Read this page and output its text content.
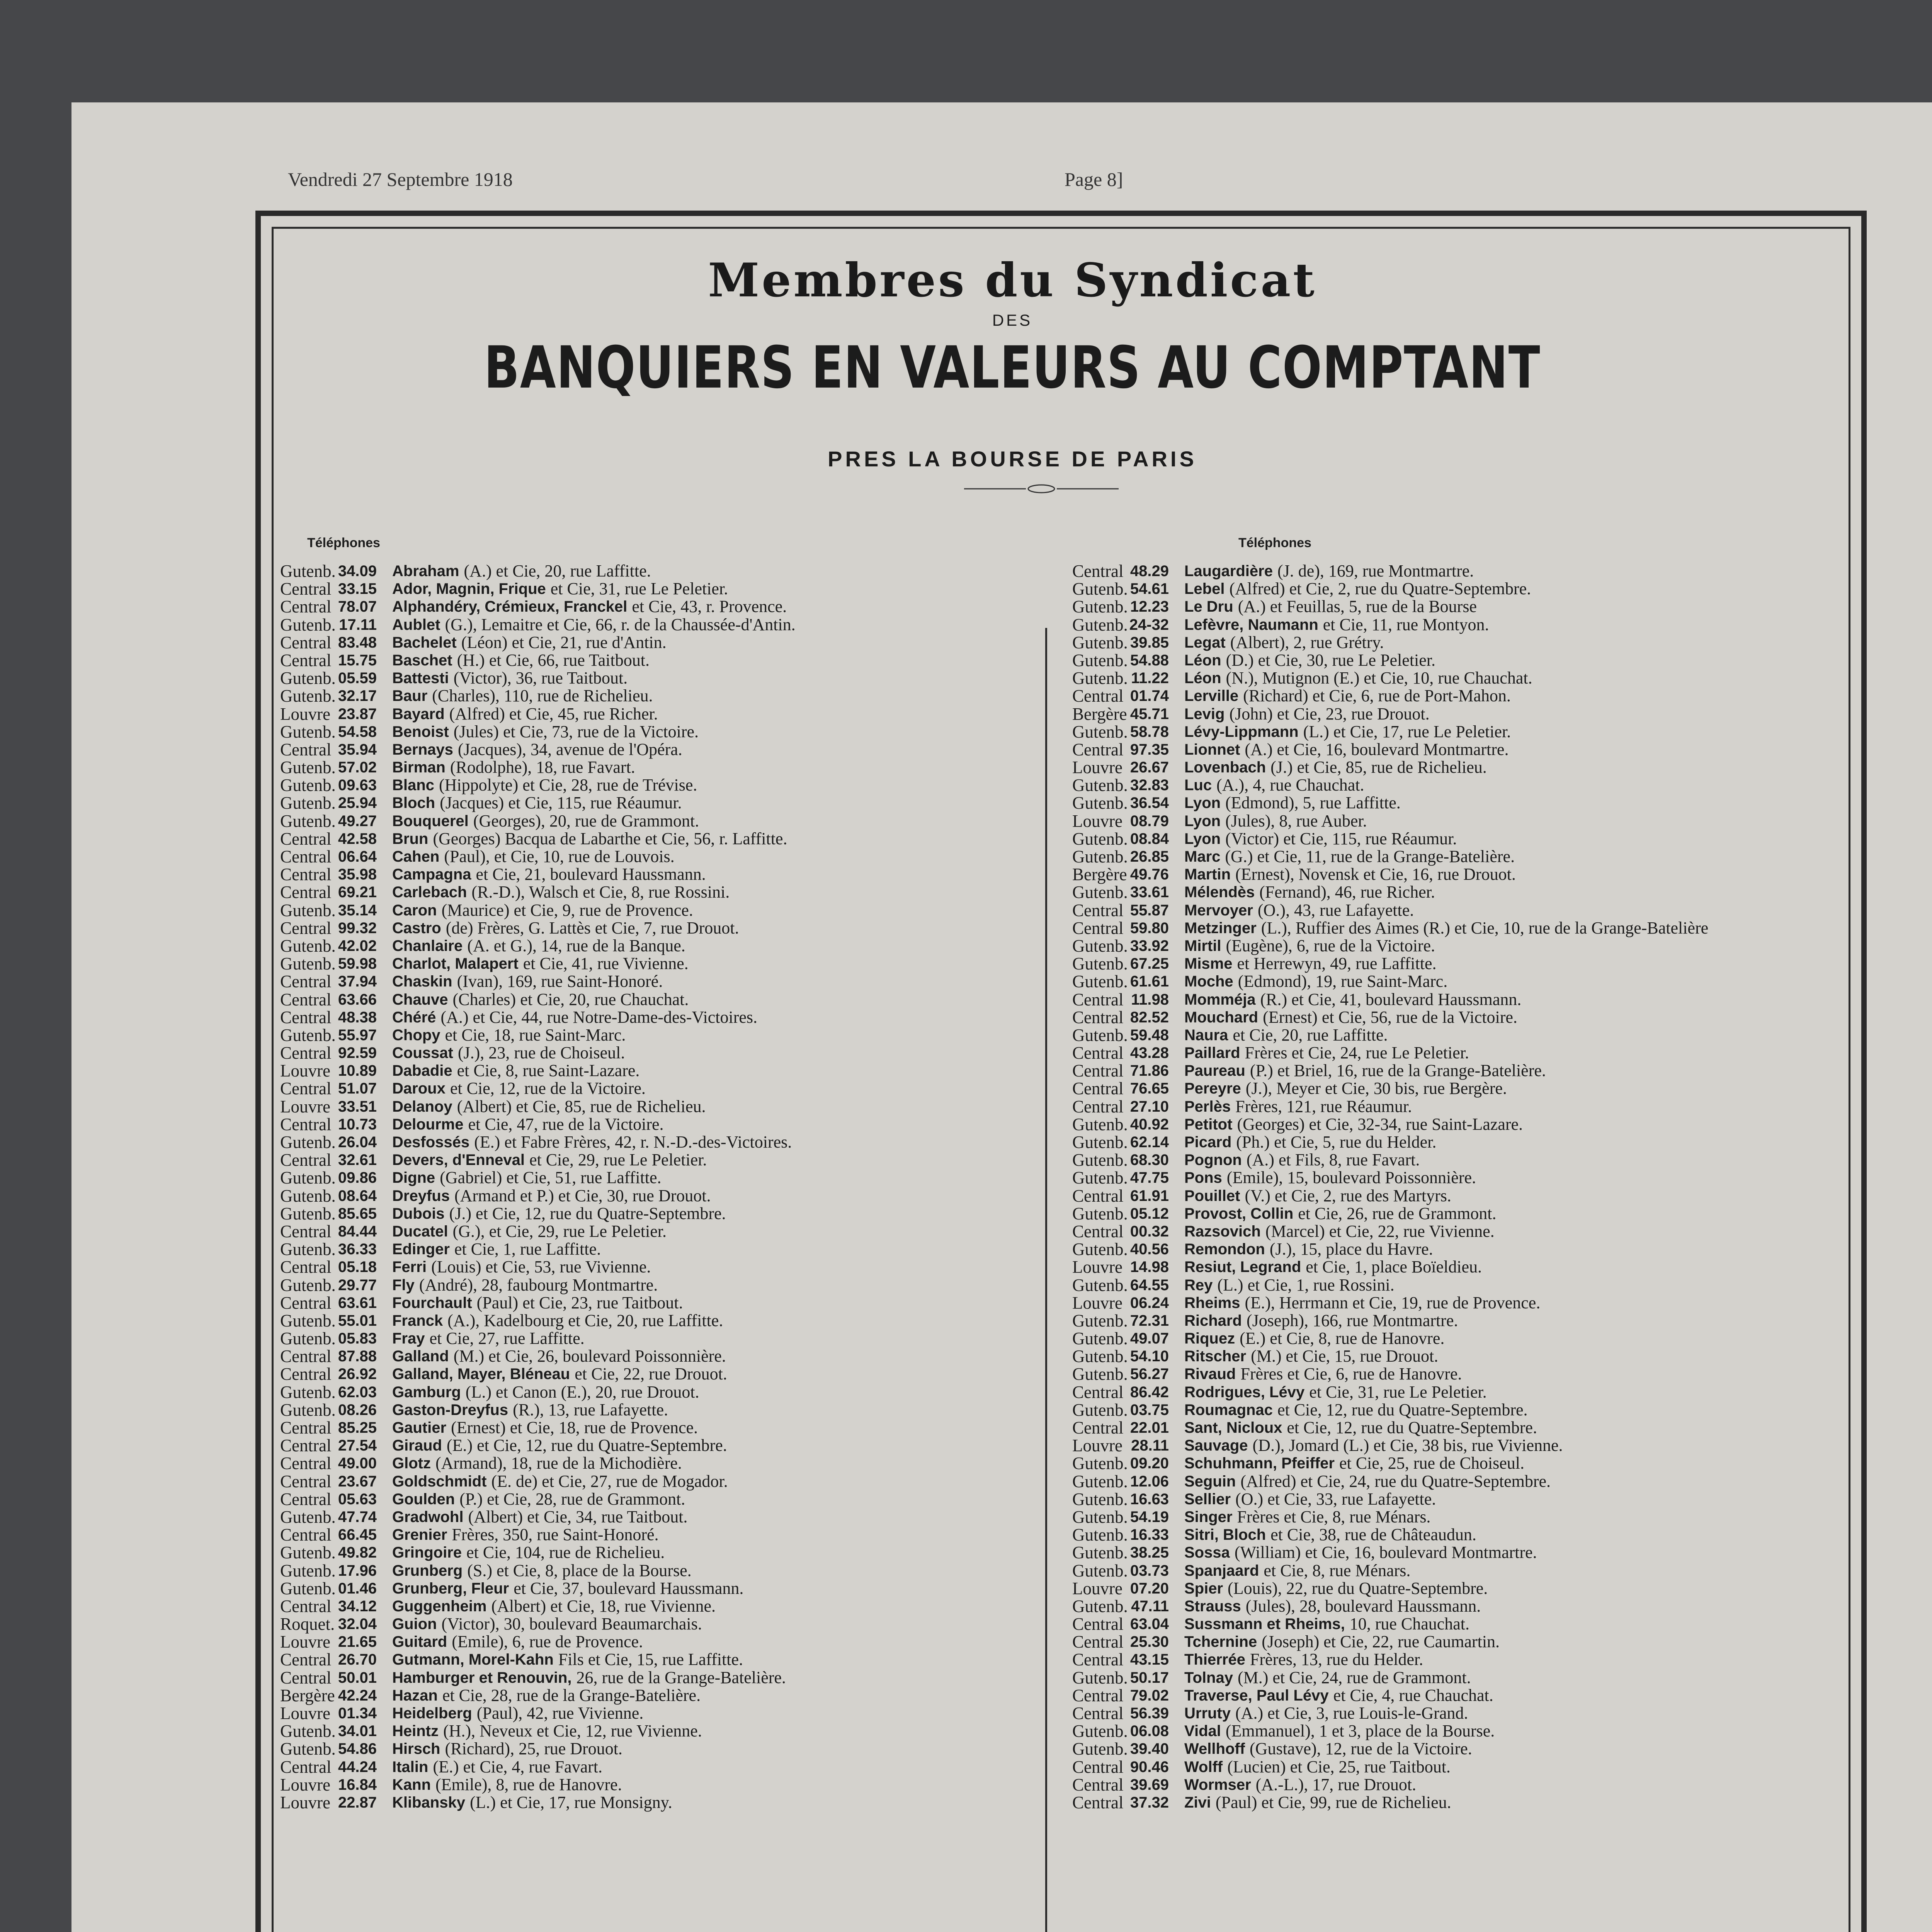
Vendredi 27 Septembre 1918	Page 8]
Membres du Syndicat
DES
BANQUIERS EN VALEURS AU COMPTANT
PRES LA BOURSE DE PARIS
Téléphones
Gutenb. 34.09	Abraham (A.) et Cie, 20, rue Laffitte.
Central 33.15	Ador, Magnin, Frique et Cie, 31, rue Le Peletier.
Central 78.07	Alphandéry, Crémieux, Franckel et Cie, 43, r. Provence.
Gutenb. 17.11	Aublet (G.), Lemaitre et Cie, 66, r. de la Chaussée-d'Antin.
Central 83.48	Bachelet (Léon) et Cie, 21, rue d'Antin.
Central 15.75	Baschet (H.) et Cie, 66, rue Taitbout.
Gutenb. 05.59	Battesti (Victor), 36, rue Taitbout.
Gutenb. 32.17	Baur (Charles), 110, rue de Richelieu.
Louvre 23.87	Bayard (Alfred) et Cie, 45, rue Richer.
Gutenb. 54.58	Benoist (Jules) et Cie, 73, rue de la Victoire.
Central 35.94	Bernays (Jacques), 34, avenue de l'Opéra.
Gutenb. 57.02	Birman (Rodolphe), 18, rue Favart.
Gutenb. 09.63	Blanc (Hippolyte) et Cie, 28, rue de Trévise.
Gutenb. 25.94	Bloch (Jacques) et Cie, 115, rue Réaumur.
Gutenb. 49.27	Bouquerel (Georges), 20, rue de Grammont.
Central 42.58	Brun (Georges) Bacqua de Labarthe et Cie, 56, r. Laffitte.
Central 06.64	Cahen (Paul), et Cie, 10, rue de Louvois.
Central 35.98	Campagna et Cie, 21, boulevard Haussmann.
Central 69.21	Carlebach (R.-D.), Walsch et Cie, 8, rue Rossini.
Gutenb. 35.14	Caron (Maurice) et Cie, 9, rue de Provence.
Central 99.32	Castro (de) Frères, G. Lattès et Cie, 7, rue Drouot.
Gutenb. 42.02	Chanlaire (A. et G.), 14, rue de la Banque.
Gutenb. 59.98	Charlot, Malapert et Cie, 41, rue Vivienne.
Central 37.94	Chaskin (Ivan), 169, rue Saint-Honoré.
Central 63.66	Chauve (Charles) et Cie, 20, rue Chauchat.
Central 48.38	Chéré (A.) et Cie, 44, rue Notre-Dame-des-Victoires.
Gutenb. 55.97	Chopy et Cie, 18, rue Saint-Marc.
Central 92.59	Coussat (J.), 23, rue de Choiseul.
Louvre 10.89	Dabadie et Cie, 8, rue Saint-Lazare.
Central 51.07	Daroux et Cie, 12, rue de la Victoire.
Louvre 33.51	Delanoy (Albert) et Cie, 85, rue de Richelieu.
Central 10.73	Delourme et Cie, 47, rue de la Victoire.
Gutenb. 26.04	Desfossés (E.) et Fabre Frères, 42, r. N.-D.-des-Victoires.
Central 32.61	Devers, d'Enneval et Cie, 29, rue Le Peletier.
Gutenb. 09.86	Digne (Gabriel) et Cie, 51, rue Laffitte.
Gutenb. 08.64	Dreyfus (Armand et P.) et Cie, 30, rue Drouot.
Gutenb. 85.65	Dubois (J.) et Cie, 12, rue du Quatre-Septembre.
Central 84.44	Ducatel (G.), et Cie, 29, rue Le Peletier.
Gutenb. 36.33	Edinger et Cie, 1, rue Laffitte.
Central 05.18	Ferri (Louis) et Cie, 53, rue Vivienne.
Gutenb. 29.77	Fly (André), 28, faubourg Montmartre.
Central 63.61	Fourchault (Paul) et Cie, 23, rue Taitbout.
Gutenb. 55.01	Franck (A.), Kadelbourg et Cie, 20, rue Laffitte.
Gutenb. 05.83	Fray et Cie, 27, rue Laffitte.
Central 87.88	Galland (M.) et Cie, 26, boulevard Poissonnière.
Central 26.92	Galland, Mayer, Bléneau et Cie, 22, rue Drouot.
Gutenb. 62.03	Gamburg (L.) et Canon (E.), 20, rue Drouot.
Gutenb. 08.26	Gaston-Dreyfus (R.), 13, rue Lafayette.
Central 85.25	Gautier (Ernest) et Cie, 18, rue de Provence.
Central 27.54	Giraud (E.) et Cie, 12, rue du Quatre-Septembre.
Central 49.00	Glotz (Armand), 18, rue de la Michodière.
Central 23.67	Goldschmidt (E. de) et Cie, 27, rue de Mogador.
Central 05.63	Goulden (P.) et Cie, 28, rue de Grammont.
Gutenb. 47.74	Gradwohl (Albert) et Cie, 34, rue Taitbout.
Central 66.45	Grenier Frères, 350, rue Saint-Honoré.
Gutenb. 49.82	Gringoire et Cie, 104, rue de Richelieu.
Gutenb. 17.96	Grunberg (S.) et Cie, 8, place de la Bourse.
Gutenb. 01.46	Grunberg, Fleur et Cie, 37, boulevard Haussmann.
Central 34.12	Guggenheim (Albert) et Cie, 18, rue Vivienne.
Roquet. 32.04	Guion (Victor), 30, boulevard Beaumarchais.
Louvre 21.65	Guitard (Emile), 6, rue de Provence.
Central 26.70	Gutmann, Morel-Kahn Fils et Cie, 15, rue Laffitte.
Central 50.01	Hamburger et Renouvin, 26, rue de la Grange-Batelière.
Bergère 42.24	Hazan et Cie, 28, rue de la Grange-Batelière.
Louvre 01.34	Heidelberg (Paul), 42, rue Vivienne.
Gutenb. 34.01	Heintz (H.), Neveux et Cie, 12, rue Vivienne.
Gutenb. 54.86	Hirsch (Richard), 25, rue Drouot.
Central 44.24	Italin (E.) et Cie, 4, rue Favart.
Louvre 16.84	Kann (Emile), 8, rue de Hanovre.
Louvre 22.87	Klibansky (L.) et Cie, 17, rue Monsigny.
Téléphones
Central 48.29	Laugardière (J. de), 169, rue Montmartre.
Gutenb. 54.61	Lebel (Alfred) et Cie, 2, rue du Quatre-Septembre.
Gutenb. 12.23	Le Dru (A.) et Feuillas, 5, rue de la Bourse
Gutenb. 24-32	Lefèvre, Naumann et Cie, 11, rue Montyon.
Gutenb. 39.85	Legat (Albert), 2, rue Grétry.
Gutenb. 54.88	Léon (D.) et Cie, 30, rue Le Peletier.
Gutenb. 11.22	Léon (N.), Mutignon (E.) et Cie, 10, rue Chauchat.
Central 01.74	Lerville (Richard) et Cie, 6, rue de Port-Mahon.
Bergère 45.71	Levig (John) et Cie, 23, rue Drouot.
Gutenb. 58.78	Lévy-Lippmann (L.) et Cie, 17, rue Le Peletier.
Central 97.35	Lionnet (A.) et Cie, 16, boulevard Montmartre.
Louvre 26.67	Lovenbach (J.) et Cie, 85, rue de Richelieu.
Gutenb. 32.83	Luc (A.), 4, rue Chauchat.
Gutenb. 36.54	Lyon (Edmond), 5, rue Laffitte.
Louvre 08.79	Lyon (Jules), 8, rue Auber.
Gutenb. 08.84	Lyon (Victor) et Cie, 115, rue Réaumur.
Gutenb. 26.85	Marc (G.) et Cie, 11, rue de la Grange-Batelière.
Bergère 49.76	Martin (Ernest), Novensk et Cie, 16, rue Drouot.
Gutenb. 33.61	Mélendès (Fernand), 46, rue Richer.
Central 55.87	Mervoyer (O.), 43, rue Lafayette.
Central 59.80	Metzinger (L.), Ruffier des Aimes (R.) et Cie, 10, rue de la Grange-Batelière
Gutenb. 33.92	Mirtil (Eugène), 6, rue de la Victoire.
Gutenb. 67.25	Misme et Herrewyn, 49, rue Laffitte.
Gutenb. 61.61	Moche (Edmond), 19, rue Saint-Marc.
Central 11.98	Momméja (R.) et Cie, 41, boulevard Haussmann.
Central 82.52	Mouchard (Ernest) et Cie, 56, rue de la Victoire.
Gutenb. 59.48	Naura et Cie, 20, rue Laffitte.
Central 43.28	Paillard Frères et Cie, 24, rue Le Peletier.
Central 71.86	Paureau (P.) et Briel, 16, rue de la Grange-Batelière.
Central 76.65	Pereyre (J.), Meyer et Cie, 30 bis, rue Bergère.
Central 27.10	Perlès Frères, 121, rue Réaumur.
Gutenb. 40.92	Petitot (Georges) et Cie, 32-34, rue Saint-Lazare.
Gutenb. 62.14	Picard (Ph.) et Cie, 5, rue du Helder.
Gutenb. 68.30	Pognon (A.) et Fils, 8, rue Favart.
Gutenb. 47.75	Pons (Emile), 15, boulevard Poissonnière.
Central 61.91	Pouillet (V.) et Cie, 2, rue des Martyrs.
Gutenb. 05.12	Provost, Collin et Cie, 26, rue de Grammont.
Central 00.32	Razsovich (Marcel) et Cie, 22, rue Vivienne.
Gutenb. 40.56	Remondon (J.), 15, place du Havre.
Louvre 14.98	Resiut, Legrand et Cie, 1, place Boïeldieu.
Gutenb. 64.55	Rey (L.) et Cie, 1, rue Rossini.
Louvre 06.24	Rheims (E.), Herrmann et Cie, 19, rue de Provence.
Gutenb. 72.31	Richard (Joseph), 166, rue Montmartre.
Gutenb. 49.07	Riquez (E.) et Cie, 8, rue de Hanovre.
Gutenb. 54.10	Ritscher (M.) et Cie, 15, rue Drouot.
Gutenb. 56.27	Rivaud Frères et Cie, 6, rue de Hanovre.
Central 86.42	Rodrigues, Lévy et Cie, 31, rue Le Peletier.
Gutenb. 03.75	Roumagnac et Cie, 12, rue du Quatre-Septembre.
Central 22.01	Sant, Nicloux et Cie, 12, rue du Quatre-Septembre.
Louvre 28.11	Sauvage (D.), Jomard (L.) et Cie, 38 bis, rue Vivienne.
Gutenb. 09.20	Schuhmann, Pfeiffer et Cie, 25, rue de Choiseul.
Gutenb. 12.06	Seguin (Alfred) et Cie, 24, rue du Quatre-Septembre.
Gutenb. 16.63	Sellier (O.) et Cie, 33, rue Lafayette.
Gutenb. 54.19	Singer Frères et Cie, 8, rue Ménars.
Gutenb. 16.33	Sitri, Bloch et Cie, 38, rue de Châteaudun.
Gutenb. 38.25	Sossa (William) et Cie, 16, boulevard Montmartre.
Gutenb. 03.73	Spanjaard et Cie, 8, rue Ménars.
Louvre 07.20	Spier (Louis), 22, rue du Quatre-Septembre.
Gutenb. 47.11	Strauss (Jules), 28, boulevard Haussmann.
Central 63.04	Sussmann et Rheims, 10, rue Chauchat.
Central 25.30	Tchernine (Joseph) et Cie, 22, rue Caumartin.
Central 43.15	Thierrée Frères, 13, rue du Helder.
Gutenb. 50.17	Tolnay (M.) et Cie, 24, rue de Grammont.
Central 79.02	Traverse, Paul Lévy et Cie, 4, rue Chauchat.
Central 56.39	Urruty (A.) et Cie, 3, rue Louis-le-Grand.
Gutenb. 06.08	Vidal (Emmanuel), 1 et 3, place de la Bourse.
Gutenb. 39.40	Wellhoff (Gustave), 12, rue de la Victoire.
Central 90.46	Wolff (Lucien) et Cie, 25, rue Taitbout.
Central 39.69	Wormser (A.-L.), 17, rue Drouot.
Central 37.32	Zivi (Paul) et Cie, 99, rue de Richelieu.
